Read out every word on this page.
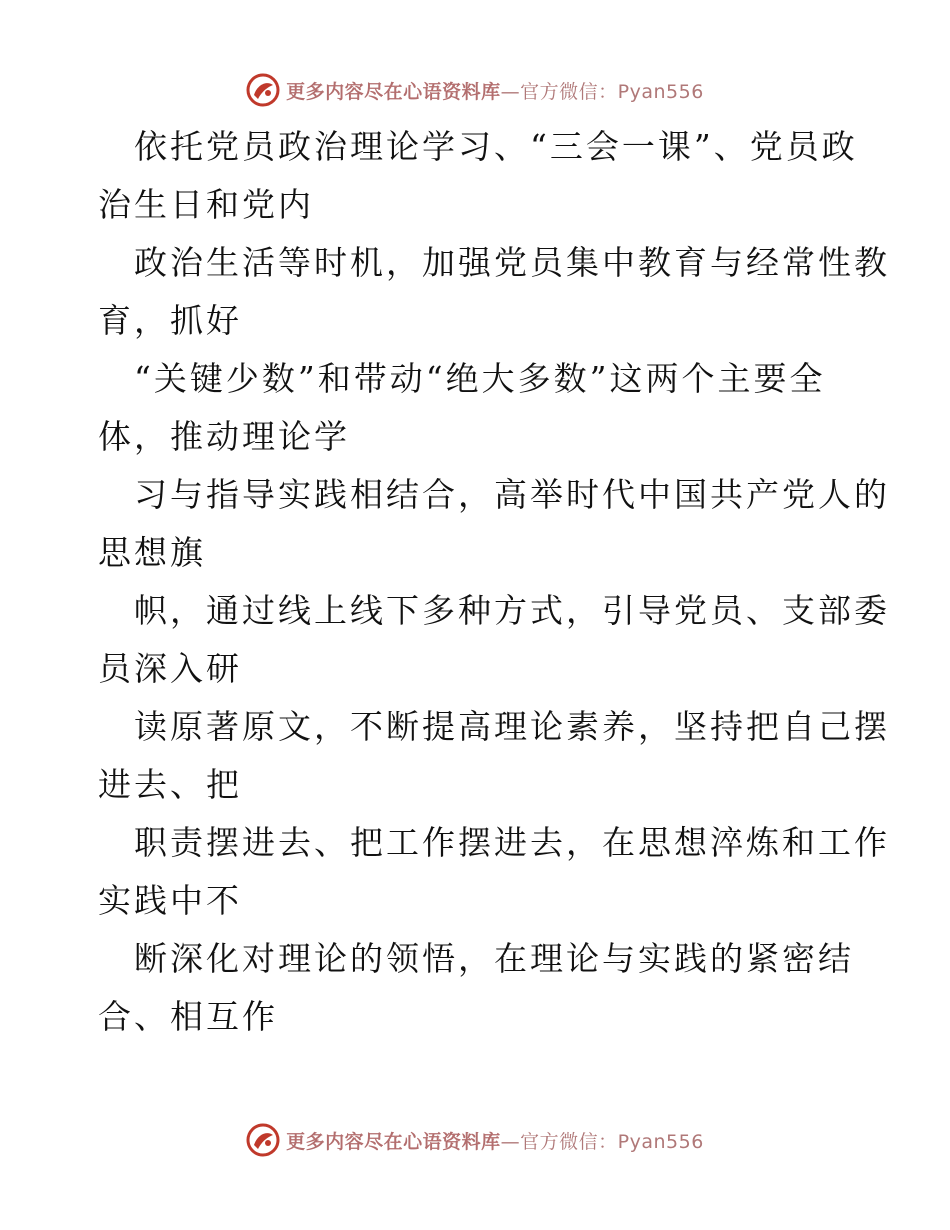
更多内容尽在心语资料库—官方微信：Pyan556
依托党员政治理论学习、“三会一课”、党员政
治生日和党内
政治生活等时机，加强党员集中教育与经常性教
育，抓好
“关键少数”和带动“绝大多数”这两个主要全
体，推动理论学
习与指导实践相结合，高举时代中国共产党人的
思想旗
帜，通过线上线下多种方式，引导党员、支部委
员深入研
读原著原文，不断提高理论素养，坚持把自己摆
进去、把
职责摆进去、把工作摆进去，在思想淬炼和工作
实践中不
断深化对理论的领悟，在理论与实践的紧密结
合、相互作
更多内容尽在心语资料库—官方微信：Pyan556
